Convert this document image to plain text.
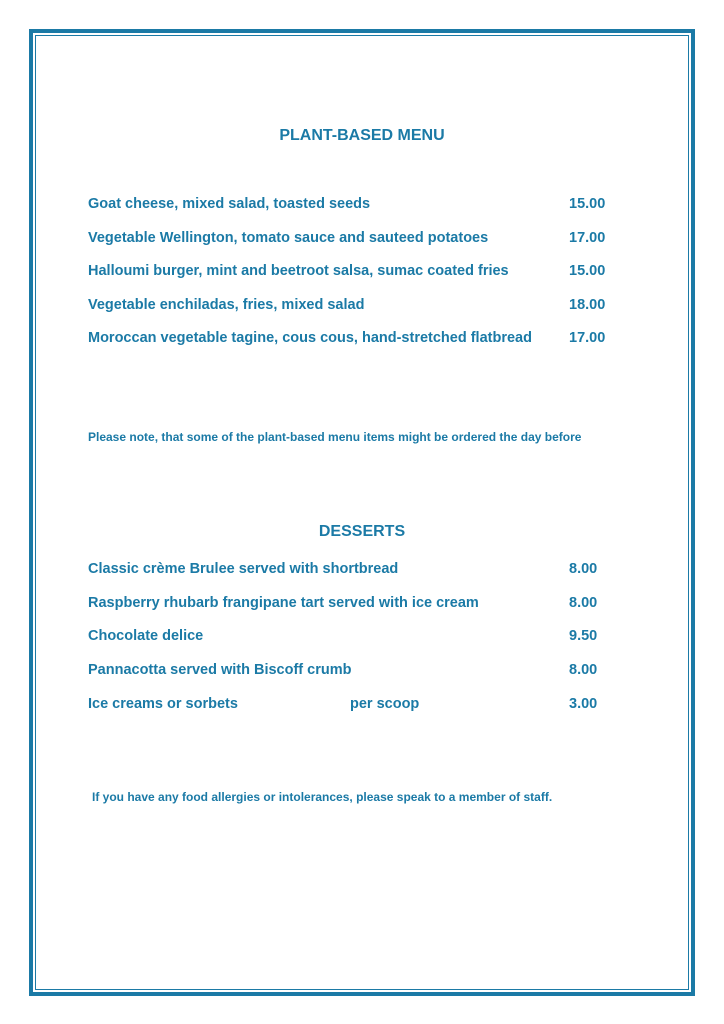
PLANT-BASED MENU
Goat cheese, mixed salad, toasted seeds	15.00
Vegetable Wellington, tomato sauce and sauteed potatoes	17.00
Halloumi burger, mint and beetroot salsa, sumac coated fries	15.00
Vegetable enchiladas, fries, mixed salad	18.00
Moroccan vegetable tagine, cous cous, hand-stretched flatbread	17.00

Please note, that some of the plant-based menu items might be ordered the day before

DESSERTS
Classic crème Brulee served with shortbread	8.00
Raspberry rhubarb frangipane tart served with ice cream	8.00
Chocolate delice	9.50
Pannacotta served with Biscoff crumb	8.00
Ice creams or sorbets	per scoop	3.00

If you have any food allergies or intolerances, please speak to a member of staff.
